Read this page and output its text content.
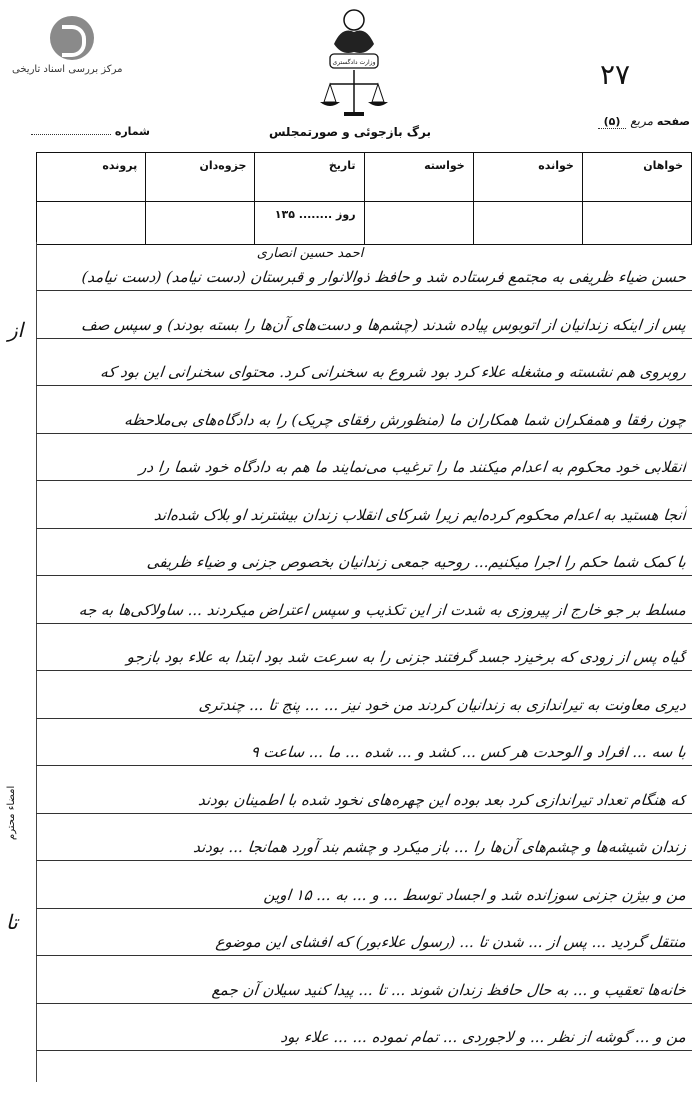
مرکز بررسی اسناد تاریخی
وزارت دادگستری	۲۷
صفحه مربع (۵)
برگ بازجوئی و صورتمجلس
شماره
خواهان	خوانده	خواسته	تاریخ	جزوه‌دان	پرونده
			روز ........ ۱۳۵		
احمد حسین انصاری
حسن ضیاء ظریفی به مجتمع فرستاده شد و حافظ ذوالانوار و قبرستان (دست نیامد) (دست نیامد)
پس از اینکه زندانیان از اتوبوس پیاده شدند (چشم‌ها و دست‌های آن‌ها را بسته بودند) و سپس صف
روبروی هم نشسته و مشغله علاء کرد بود شروع به سخنرانی کرد. محتوای سخنرانی این بود که
چون رفقا و همفکران شما همکاران ما (منظورش رفقای چریک) را به دادگاه‌های بی‌ملاحظه
انقلابی خود محکوم به اعدام میکنند ما را ترغیب می‌نمایند ما هم به دادگاه خود شما را در
آنجا هستید به اعدام محکوم کرده‌ایم زیرا شرکای انقلاب زندان بیشترند او بلاک شده‌اند
با کمک شما حکم را اجرا میکنیم... روحیه جمعی زندانیان بخصوص جزنی و ضیاء ظریفی
مسلط بر جو خارج از پیروزی به شدت از این تکذیب و سپس اعتراض میکردند ... ساولاکی‌ها به جه
گیاه پس از زودی که برخیزد جسد گرفتند جزنی را به سرعت شد بود ابتدا به علاء بود بازجو
دیری معاونت به تیراندازی به زندانیان کردند من خود نیز ... ... پنج تا ... چندتری
با سه ... افراد و الوحدت هر کس ... کشد و ... شده ... ما ... ساعت ۹
که هنگام تعداد تیراندازی کرد بعد بوده این چهره‌های نخود شده با اطمینان بودند
زندان شیشه‌ها و چشم‌های آن‌ها را ... باز میکرد و چشم بند آورد همانجا ... بودند
من و بیژن جزنی سوزانده شد و اجساد توسط ... و ... به ... ۱۵ اوین
منتقل گردید ... پس از ... شدن تا ... (رسول علاءبور) که افشای این موضوع
خانه‌ها تعقیب و ... به حال حافظ زندان شوند ... تا ... پیدا کنید سیلان آن جمع
من و ... گوشه از نظر ... و لاجوردی ... تمام نموده ... ... علاء بود
امضاء محترم
از
تا
